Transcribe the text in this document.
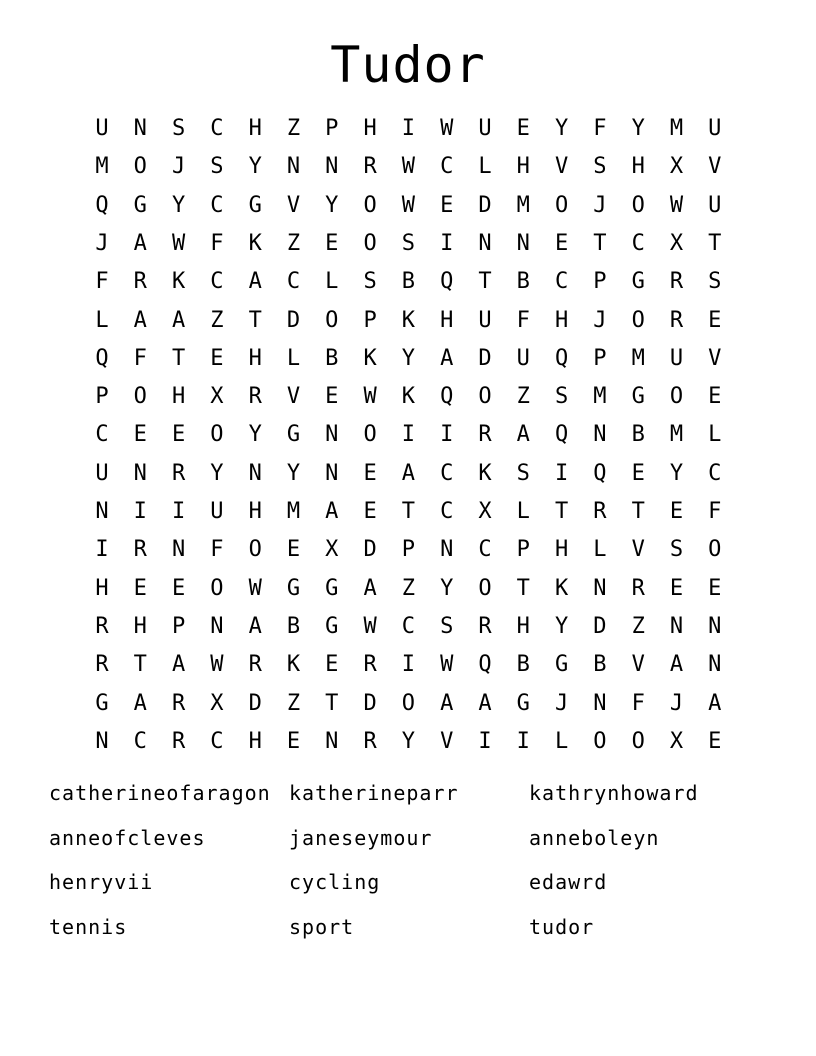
Tudor
U	N	S	C	H	Z	P	H	I	W	U	E	Y	F	Y	M	U
M	O	J	S	Y	N	N	R	W	C	L	H	V	S	H	X	V
Q	G	Y	C	G	V	Y	O	W	E	D	M	O	J	O	W	U
J	A	W	F	K	Z	E	O	S	I	N	N	E	T	C	X	T
F	R	K	C	A	C	L	S	B	Q	T	B	C	P	G	R	S
L	A	A	Z	T	D	O	P	K	H	U	F	H	J	O	R	E
Q	F	T	E	H	L	B	K	Y	A	D	U	Q	P	M	U	V
P	O	H	X	R	V	E	W	K	Q	O	Z	S	M	G	O	E
C	E	E	O	Y	G	N	O	I	I	R	A	Q	N	B	M	L
U	N	R	Y	N	Y	N	E	A	C	K	S	I	Q	E	Y	C
N	I	I	U	H	M	A	E	T	C	X	L	T	R	T	E	F
I	R	N	F	O	E	X	D	P	N	C	P	H	L	V	S	O
H	E	E	O	W	G	G	A	Z	Y	O	T	K	N	R	E	E
R	H	P	N	A	B	G	W	C	S	R	H	Y	D	Z	N	N
R	T	A	W	R	K	E	R	I	W	Q	B	G	B	V	A	N
G	A	R	X	D	Z	T	D	O	A	A	G	J	N	F	J	A
N	C	R	C	H	E	N	R	Y	V	I	I	L	O	O	X	E
catherineofaragon katherineparr	kathrynhoward
anneofcleves	janeseymour	anneboleyn
henryvii	cycling	edawrd
tennis	sport	tudor
